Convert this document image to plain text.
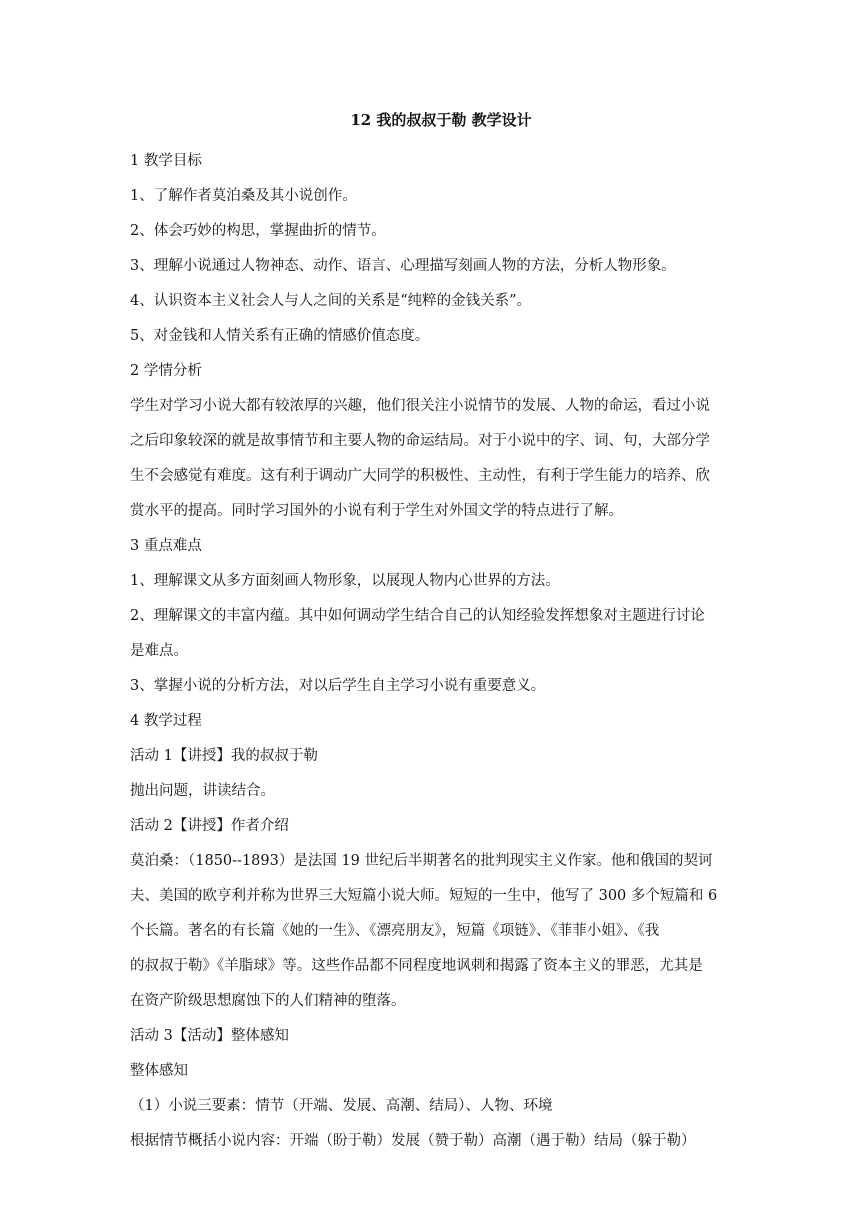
12 我的叔叔于勒 教学设计

1 教学目标

1、了解作者莫泊桑及其小说创作。

2、体会巧妙的构思，掌握曲折的情节。

3、理解小说通过人物神态、动作、语言、心理描写刻画人物的方法，分析人物形象。

4、认识资本主义社会人与人之间的关系是“纯粹的金钱关系”。

5、对金钱和人情关系有正确的情感价值态度。

2 学情分析

学生对学习小说大都有较浓厚的兴趣，他们很关注小说情节的发展、人物的命运，看过小说
之后印象较深的就是故事情节和主要人物的命运结局。对于小说中的字、词、句，大部分学
生不会感觉有难度。这有利于调动广大同学的积极性、主动性，有利于学生能力的培养、欣
赏水平的提高。同时学习国外的小说有利于学生对外国文学的特点进行了解。

3 重点难点

1、理解课文从多方面刻画人物形象，以展现人物内心世界的方法。

2、理解课文的丰富内蕴。其中如何调动学生结合自己的认知经验发挥想象对主题进行讨论
是难点。

3、掌握小说的分析方法，对以后学生自主学习小说有重要意义。

4 教学过程

活动 1【讲授】我的叔叔于勒

抛出问题，讲读结合。

活动 2【讲授】作者介绍

莫泊桑：（1850--1893）是法国 19 世纪后半期著名的批判现实主义作家。他和俄国的契诃
夫、美国的欧亨利并称为世界三大短篇小说大师。短短的一生中，他写了 300 多个短篇和 6
个长篇。著名的有长篇《她的一生》、《漂亮朋友》，短篇《项链》、《菲菲小姐》、《我
的叔叔于勒》《羊脂球》等。这些作品都不同程度地讽刺和揭露了资本主义的罪恶，尤其是
在资产阶级思想腐蚀下的人们精神的堕落。

活动 3【活动】整体感知

整体感知

（1）小说三要素：情节（开端、发展、高潮、结局）、人物、环境

根据情节概括小说内容：开端（盼于勒）发展（赞于勒）高潮（遇于勒）结局（躲于勒）
